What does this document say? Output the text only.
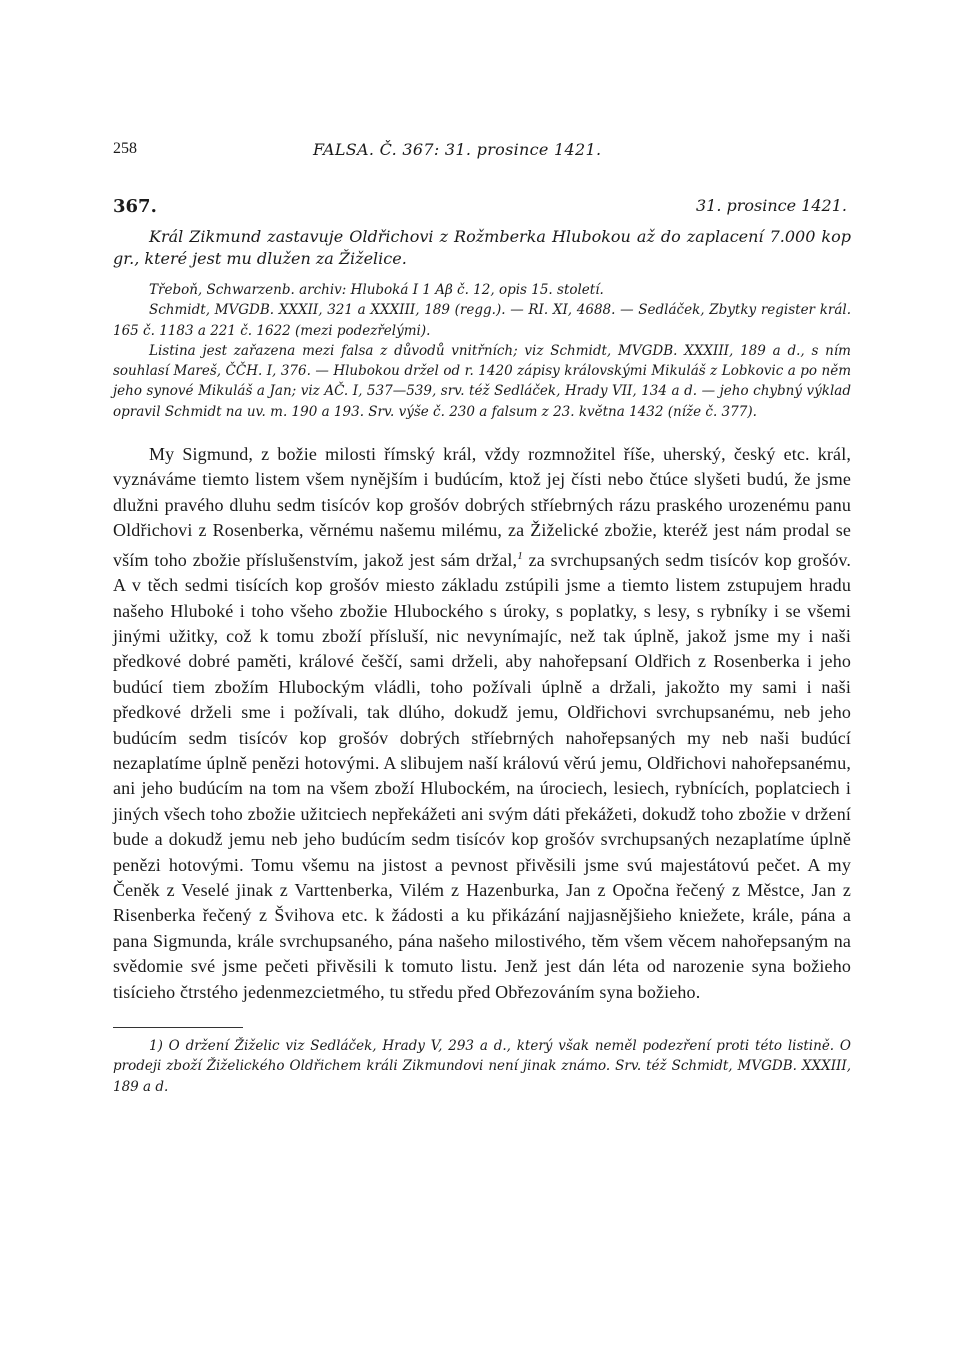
258	FALSA. Č. 367: 31. prosince 1421.
367.	31. prosince 1421.

Král Zikmund zastavuje Oldřichovi z Rožmberka Hlubokou až do zaplacení 7.000 kop gr., které jest mu dlužen za Žiželice.

Třeboň, Schwarzenb. archiv: Hluboká I 1 Aβ č. 12, opis 15. století.

Schmidt, MVGDB. XXXII, 321 a XXXIII, 189 (regg.). — RI. XI, 4688. — Sedláček, Zbytky register král. 165 č. 1183 a 221 č. 1622 (mezi podezřelými).

Listina jest zařazena mezi falsa z důvodů vnitřních; viz Schmidt, MVGDB. XXXIII, 189 a d., s ním souhlasí Mareš, ČČH. I, 376. — Hlubokou držel od r. 1420 zápisy královskými Mikuláš z Lobkovic a po něm jeho synové Mikuláš a Jan; viz AČ. I, 537—539, srv. též Sedláček, Hrady VII, 134 a d. — jeho chybný výklad opravil Schmidt na uv. m. 190 a 193. Srv. výše č. 230 a falsum z 23. května 1432 (níže č. 377).

My Sigmund, z božie milosti římský král, vždy rozmnožitel říše, uherský, český etc. král, vyznáváme tiemto listem všem nynějším i budúcím, ktož jej čísti nebo čtúce slyšeti budú, že jsme dlužni pravého dluhu sedm tisícóv kop grošóv dobrých stříebrných rázu praského urozenému panu Oldřichovi z Rosenberka, věrnému našemu milému, za Žiželické zbožie, kteréž jest nám prodal se vším toho zbožie příslušenstvím, jakož jest sám držal,$^1$ za svrchupsaných sedm tisícóv kop grošóv. A v těch sedmi tisících kop grošóv miesto základu zstúpili jsme a tiemto listem zstupujem hradu našeho Hluboké i toho všeho zbožie Hlubockého s úroky, s poplatky, s lesy, s rybníky i se všemi jinými užitky, což k tomu zboží přísluší, nic nevynímajíc, než tak úplně, jakož jsme my i naši předkové dobré paměti, králové češčí, sami drželi, aby nahořepsaní Oldřich z Rosenberka i jeho budúcí tiem zbožím Hlubockým vládli, toho požívali úplně a držali, jakožto my sami i naši předkové drželi sme i požívali, tak dlúho, dokudž jemu, Oldřichovi svrchupsanému, neb jeho budúcím sedm tisícóv kop grošóv dobrých stříebrných nahořepsaných my neb naši budúcí nezaplatíme úplně penězi hotovými. A slibujem naší královú věrú jemu, Oldřichovi nahořepsanému, ani jeho budúcím na tom na všem zboží Hlubockém, na úrociech, lesiech, rybnících, poplatciech i jiných všech toho zbožie užitciech nepřekážeti ani svým dáti překážeti, dokudž toho zbožie v držení bude a dokudž jemu neb jeho budúcím sedm tisícóv kop grošóv svrchupsaných nezaplatíme úplně penězi hotovými. Tomu všemu na jistost a pevnost přivěsili jsme svú majestátovú pečet. A my Čeněk z Veselé jinak z Varttenberka, Vilém z Hazenburka, Jan z Opočna řečený z Městce, Jan z Risenberka řečený z Švihova etc. k žádosti a ku přikázání najjasnějšieho kniežete, krále, pána a pana Sigmunda, krále svrchupsaného, pána našeho milostivého, těm všem věcem nahořepsaným na svědomie své jsme pečeti přivěsili k tomuto listu. Jenž jest dán léta od narozenie syna božieho tisícieho čtrstého jedenmezcietmého, tu středu před Obřezováním syna božieho.

1) O držení Žiželic viz Sedláček, Hrady V, 293 a d., který však neměl podezření proti této listině. O prodeji zboží Žiželického Oldřichem králi Zikmundovi není jinak známo. Srv. též Schmidt, MVGDB. XXXIII, 189 a d.
